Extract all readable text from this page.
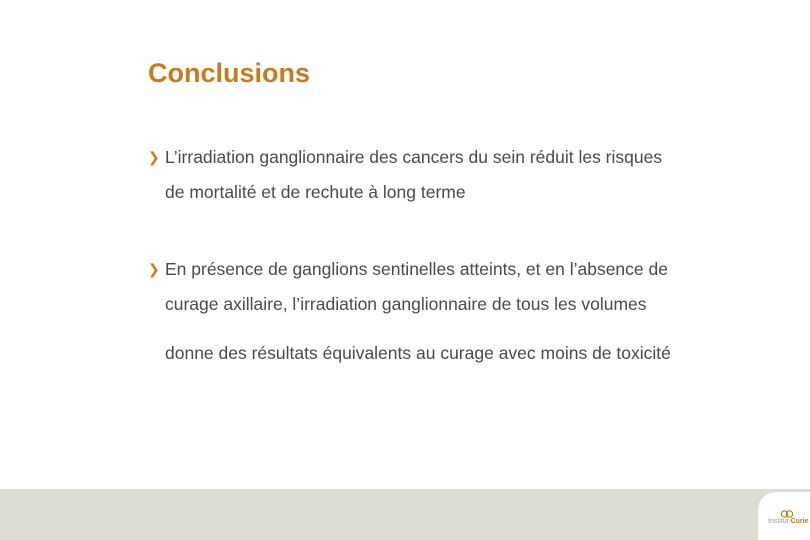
Conclusions
❯ L’irradiation ganglionnaire des cancers du sein réduit les risques
de mortalité et de rechute à long terme
❯ En présence de ganglions sentinelles atteints, et en l’absence de
curage axillaire, l’irradiation ganglionnaire de tous les volumes
donne des résultats équivalents au curage avec moins de toxicité
Institut Curie
